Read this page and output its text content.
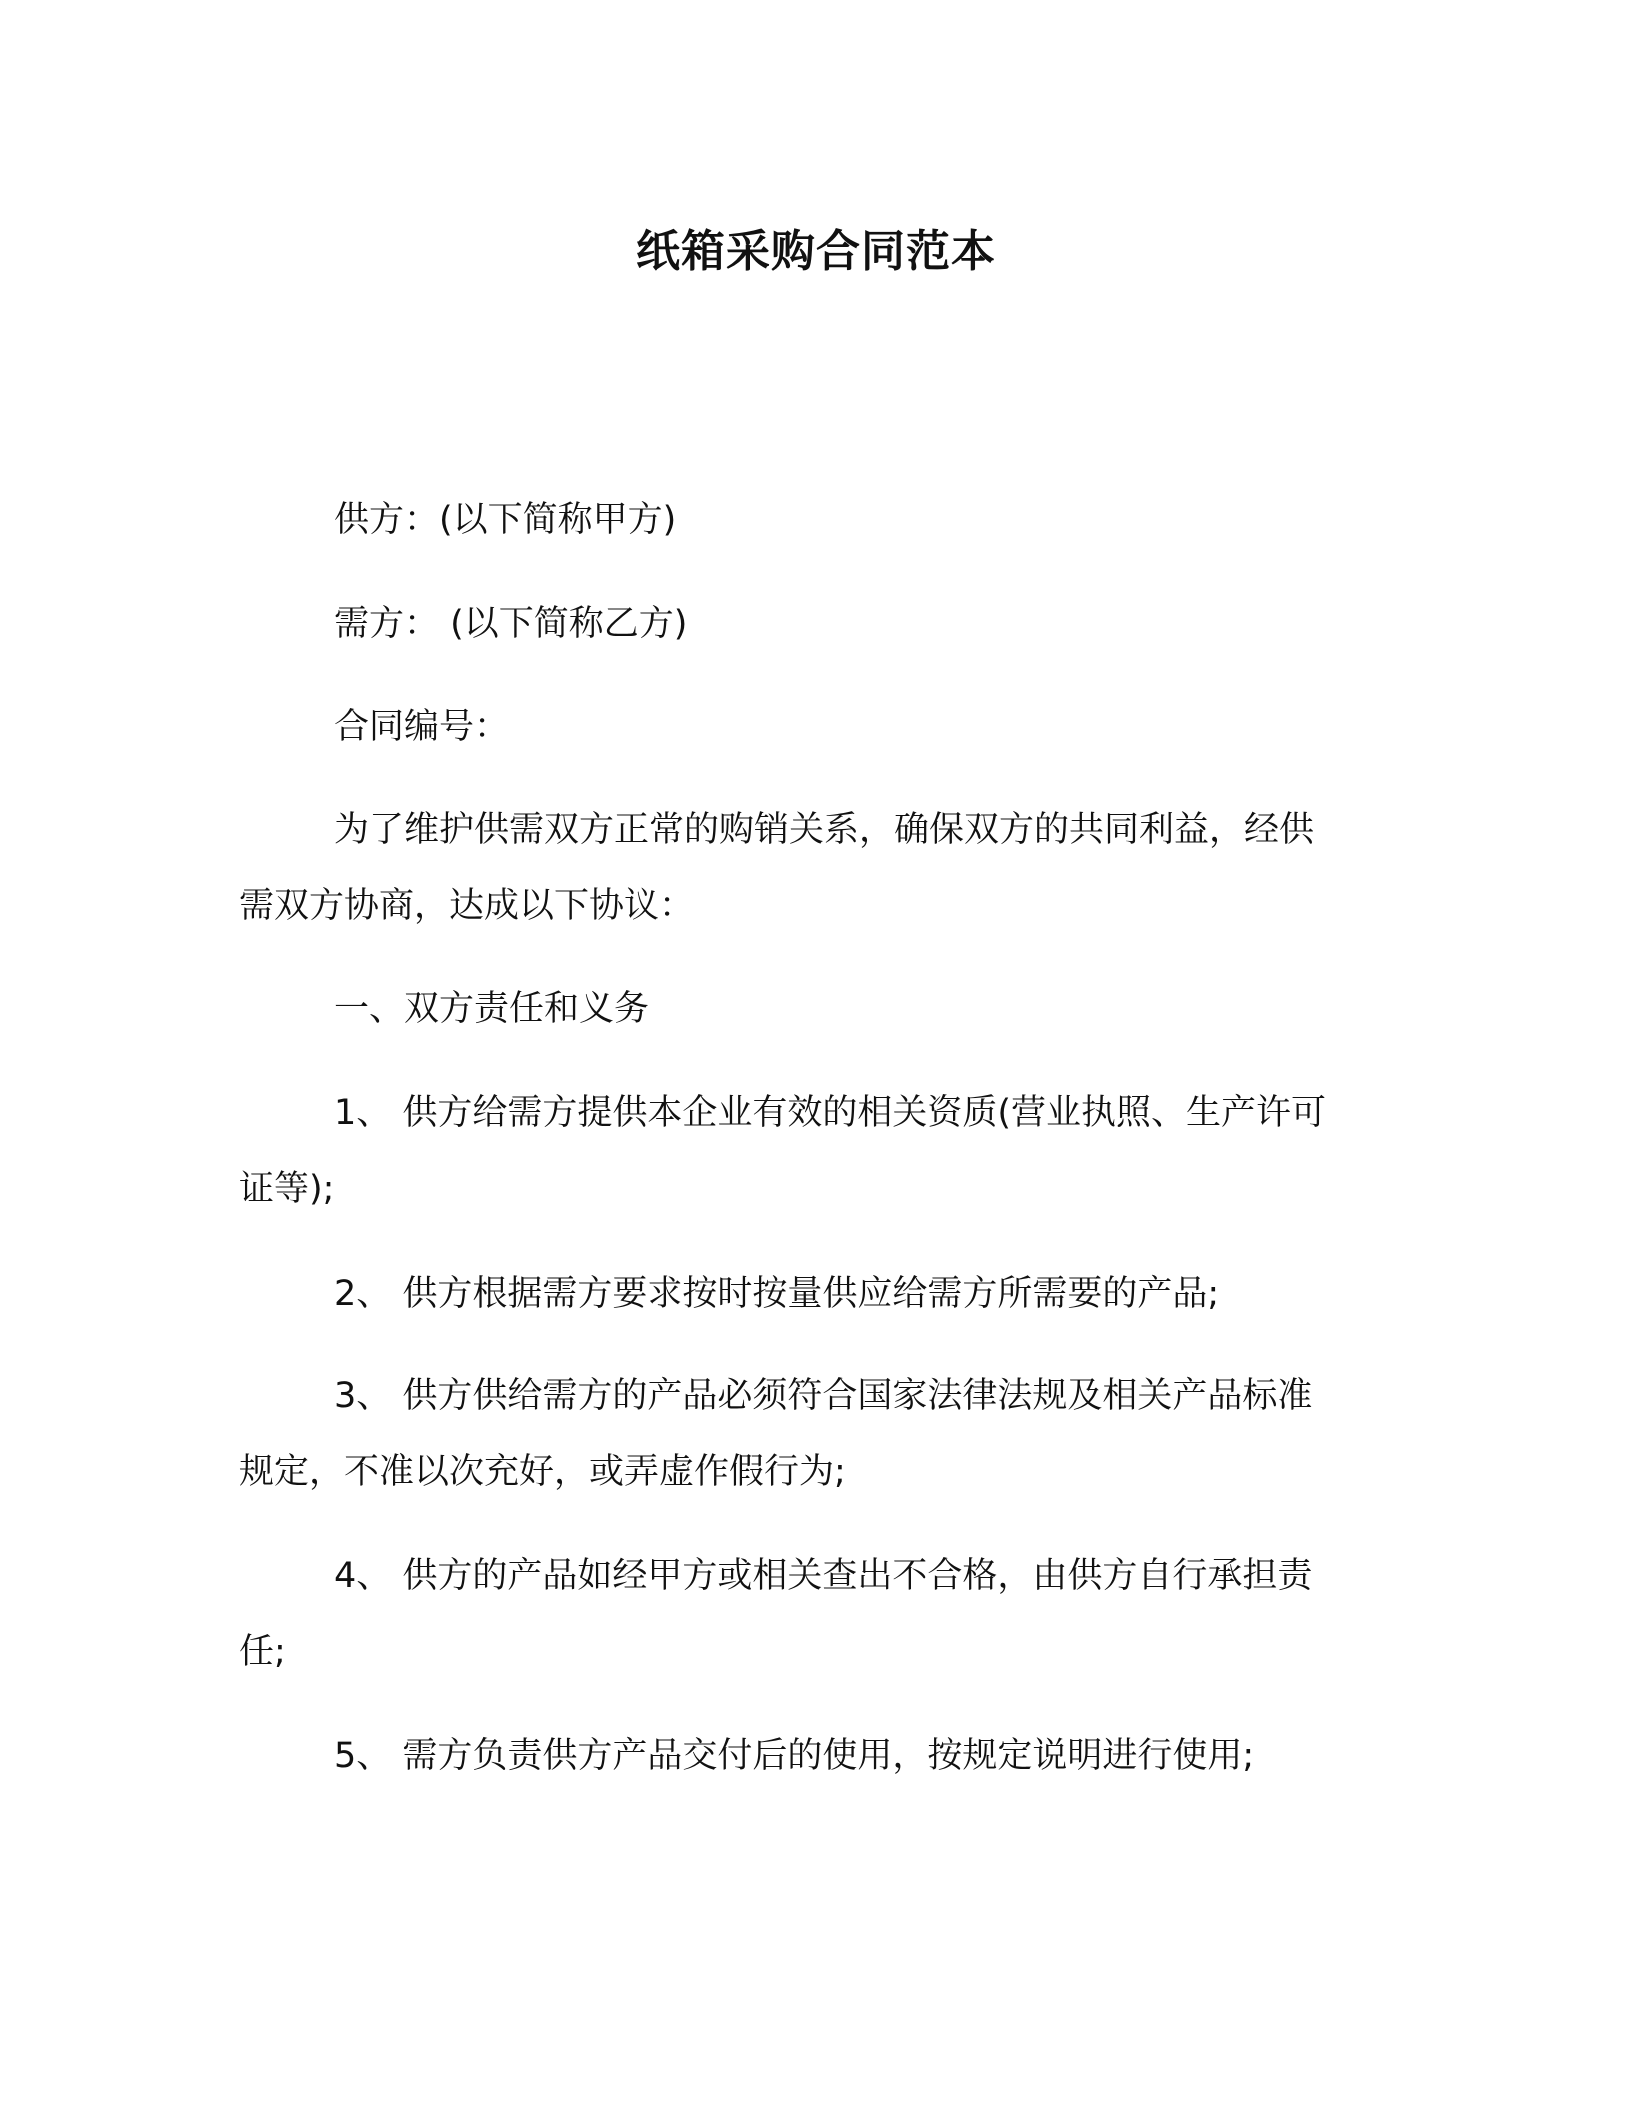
纸箱采购合同范本

供方：(以下简称甲方)

需方： (以下简称乙方)

合同编号：

为了维护供需双方正常的购销关系，确保双方的共同利益，经供

需双方协商，达成以下协议：

一、双方责任和义务

1、 供方给需方提供本企业有效的相关资质(营业执照、生产许可

证等);

2、 供方根据需方要求按时按量供应给需方所需要的产品;

3、 供方供给需方的产品必须符合国家法律法规及相关产品标准

规定，不准以次充好，或弄虚作假行为;

4、 供方的产品如经甲方或相关查出不合格，由供方自行承担责

任;

5、 需方负责供方产品交付后的使用，按规定说明进行使用;
